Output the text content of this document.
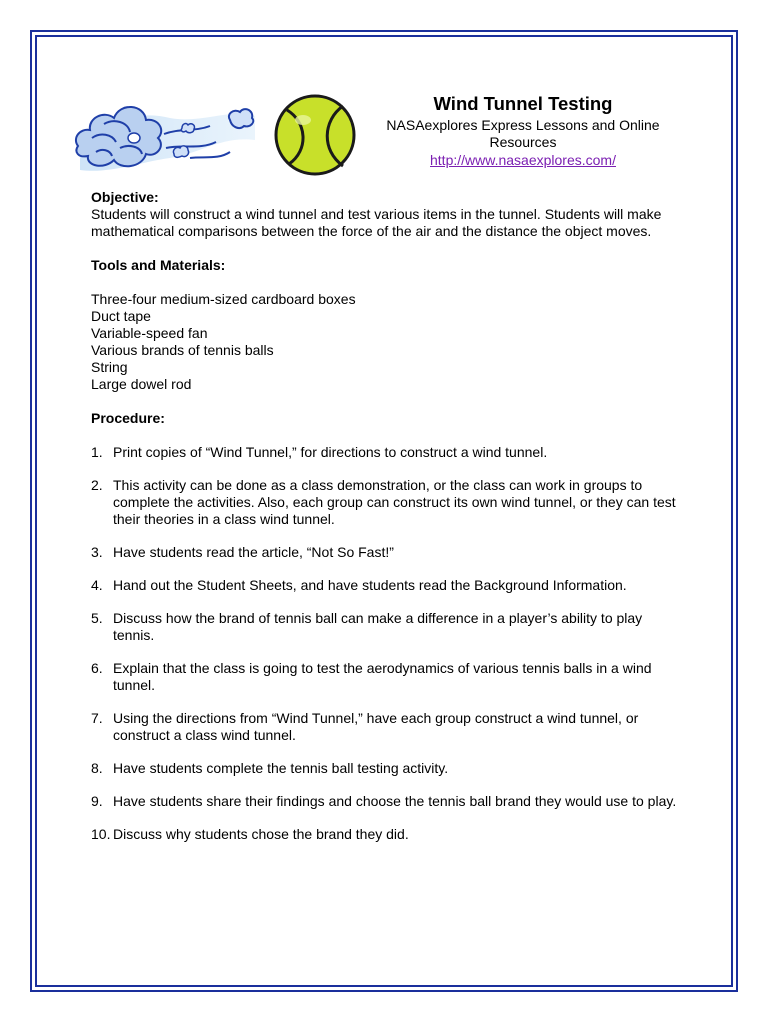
Wind Tunnel Testing

NASAexplores Express Lessons and Online Resources

http://www.nasaexplores.com/

Objective:

Students will construct a wind tunnel and test various items in the tunnel. Students will make mathematical comparisons between the force of the air and the distance the object moves.

Tools and Materials:

Three-four medium-sized cardboard boxes
Duct tape
Variable-speed fan
Various brands of tennis balls
String
Large dowel rod

Procedure:

1. Print copies of “Wind Tunnel,” for directions to construct a wind tunnel.
2. This activity can be done as a class demonstration, or the class can work in groups to complete the activities. Also, each group can construct its own wind tunnel, or they can test their theories in a class wind tunnel.
3. Have students read the article, “Not So Fast!”
4. Hand out the Student Sheets, and have students read the Background Information.
5. Discuss how the brand of tennis ball can make a difference in a player’s ability to play tennis.
6. Explain that the class is going to test the aerodynamics of various tennis balls in a wind tunnel.
7. Using the directions from “Wind Tunnel,” have each group construct a wind tunnel, or construct a class wind tunnel.
8. Have students complete the tennis ball testing activity.
9. Have students share their findings and choose the tennis ball brand they would use to play.
10. Discuss why students chose the brand they did.
